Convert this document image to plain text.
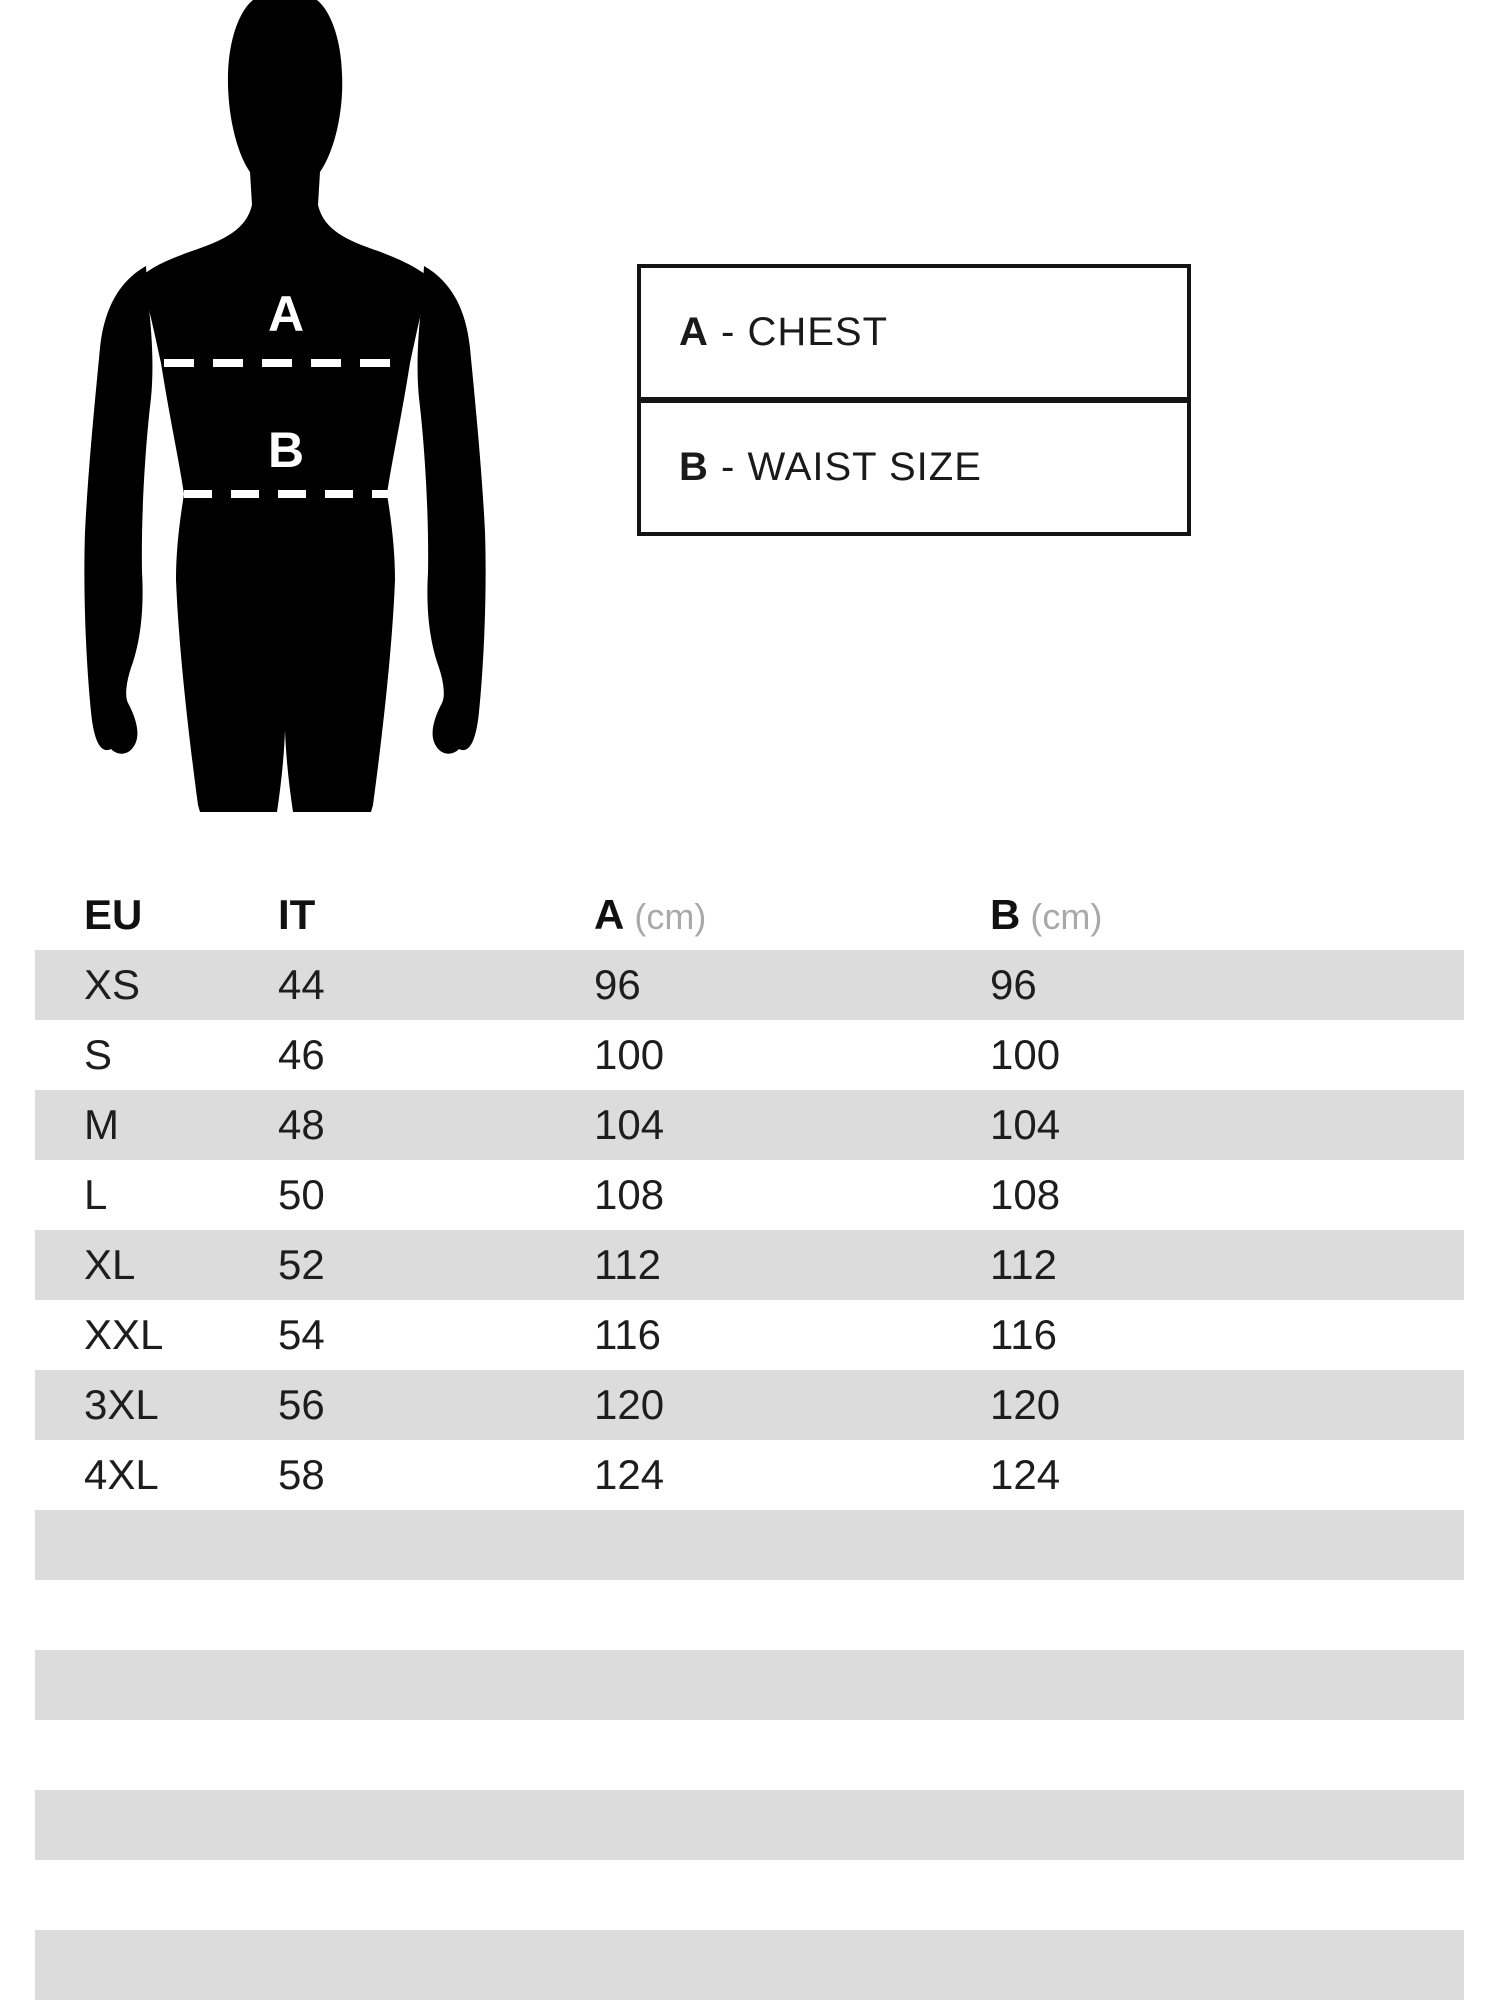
A
B
A - CHEST
B - WAIST SIZE
EU	IT	A (cm)	B (cm)
XS	44	96	96
S	46	100	100
M	48	104	104
L	50	108	108
XL	52	112	112
XXL	54	116	116
3XL	56	120	120
4XL	58	124	124
